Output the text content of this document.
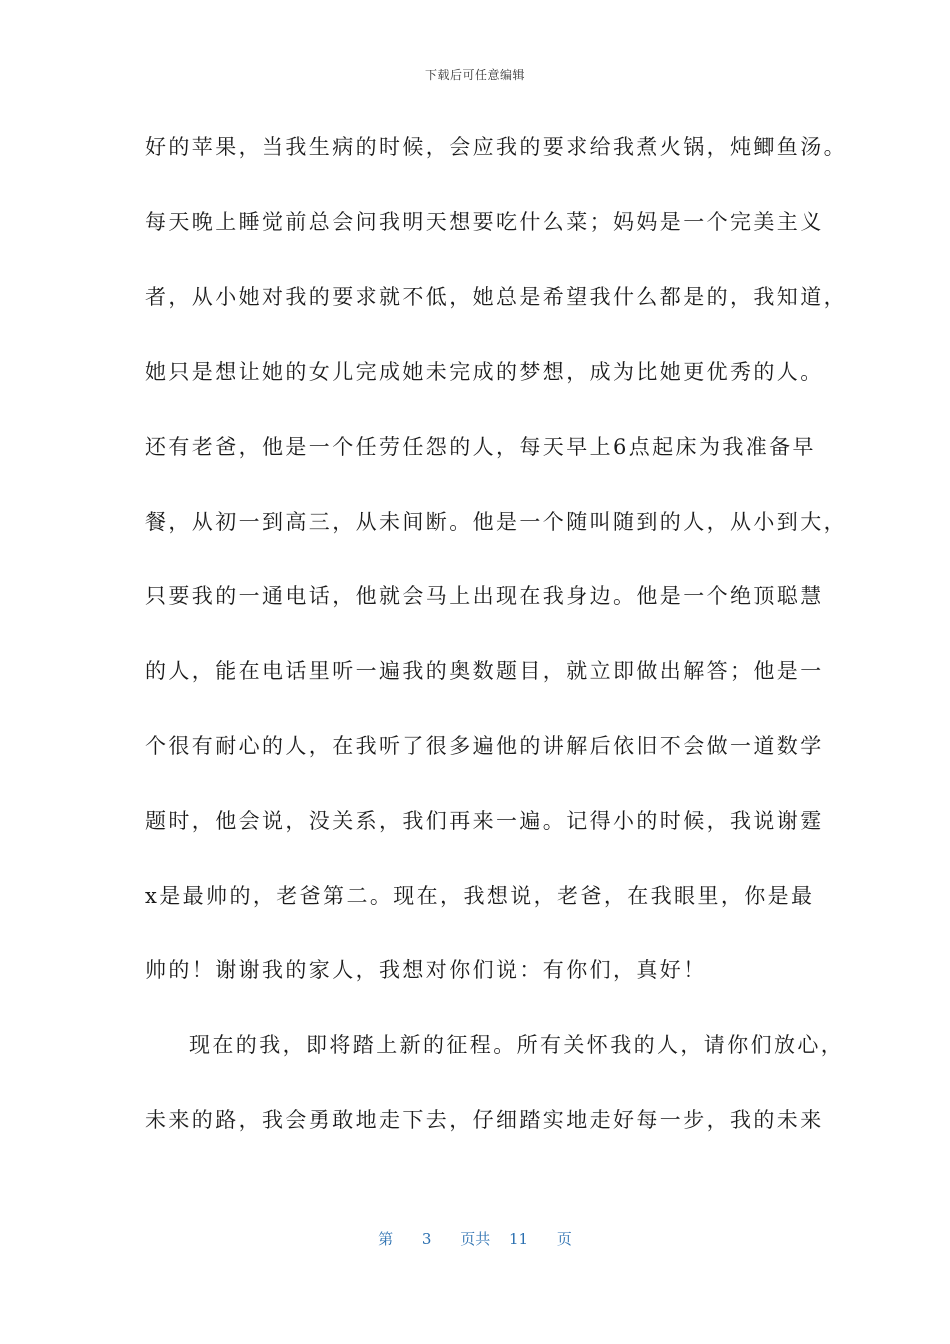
下载后可任意编辑
好的苹果，当我生病的时候，会应我的要求给我煮火锅，炖鲫鱼汤。
每天晚上睡觉前总会问我明天想要吃什么菜；妈妈是一个完美主义
者，从小她对我的要求就不低，她总是希望我什么都是的，我知道，
她只是想让她的女儿完成她未完成的梦想，成为比她更优秀的人。
还有老爸，他是一个任劳任怨的人，每天早上6点起床为我准备早
餐，从初一到高三，从未间断。他是一个随叫随到的人，从小到大，
只要我的一通电话，他就会马上出现在我身边。他是一个绝顶聪慧
的人，能在电话里听一遍我的奥数题目，就立即做出解答；他是一
个很有耐心的人，在我听了很多遍他的讲解后依旧不会做一道数学
题时，他会说，没关系，我们再来一遍。记得小的时候，我说谢霆
x是最帅的，老爸第二。现在，我想说，老爸，在我眼里，你是最
帅的！谢谢我的家人，我想对你们说：有你们，真好！
现在的我，即将踏上新的征程。所有关怀我的人，请你们放心，
未来的路，我会勇敢地走下去，仔细踏实地走好每一步，我的未来
第 3 页共 11 页
